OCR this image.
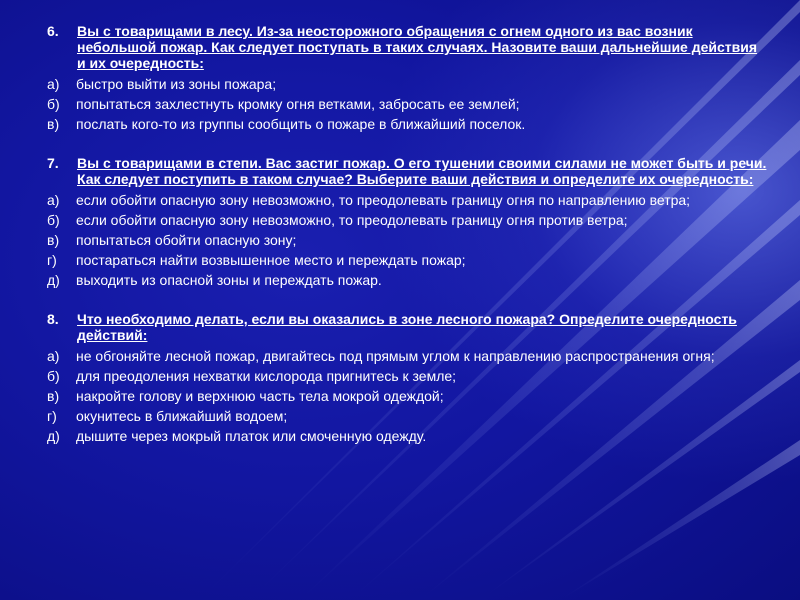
6. Вы с товарищами в лесу. Из-за неосторожного обращения с огнем одного из вас возник небольшой пожар. Как следует поступать в таких случаях. Назовите ваши дальнейшие действия и их очередность:
а) быстро выйти из зоны пожара;
б) попытаться захлестнуть кромку огня ветками, забросать ее землей;
в) послать кого-то из группы сообщить о пожаре в ближайший поселок.
7. Вы с товарищами в степи. Вас застиг пожар. О его тушении своими силами не может быть и речи. Как следует поступить в таком случае? Выберите ваши действия и определите их очередность:
а) если обойти опасную зону невозможно, то преодолевать границу огня по направлению ветра;
б) если обойти опасную зону невозможно, то преодолевать границу огня против ветра;
в) попытаться обойти опасную зону;
г) постараться найти возвышенное место и переждать пожар;
д) выходить из опасной зоны и переждать пожар.
8. Что необходимо делать, если вы оказались в зоне лесного пожара? Определите очередность действий:
а) не обгоняйте лесной пожар, двигайтесь под прямым углом к направлению распространения огня;
б) для преодоления нехватки кислорода пригнитесь к земле;
в) накройте голову и верхнюю часть тела мокрой одеждой;
г) окунитесь в ближайший водоем;
д) дышите через мокрый платок или смоченную одежду.
